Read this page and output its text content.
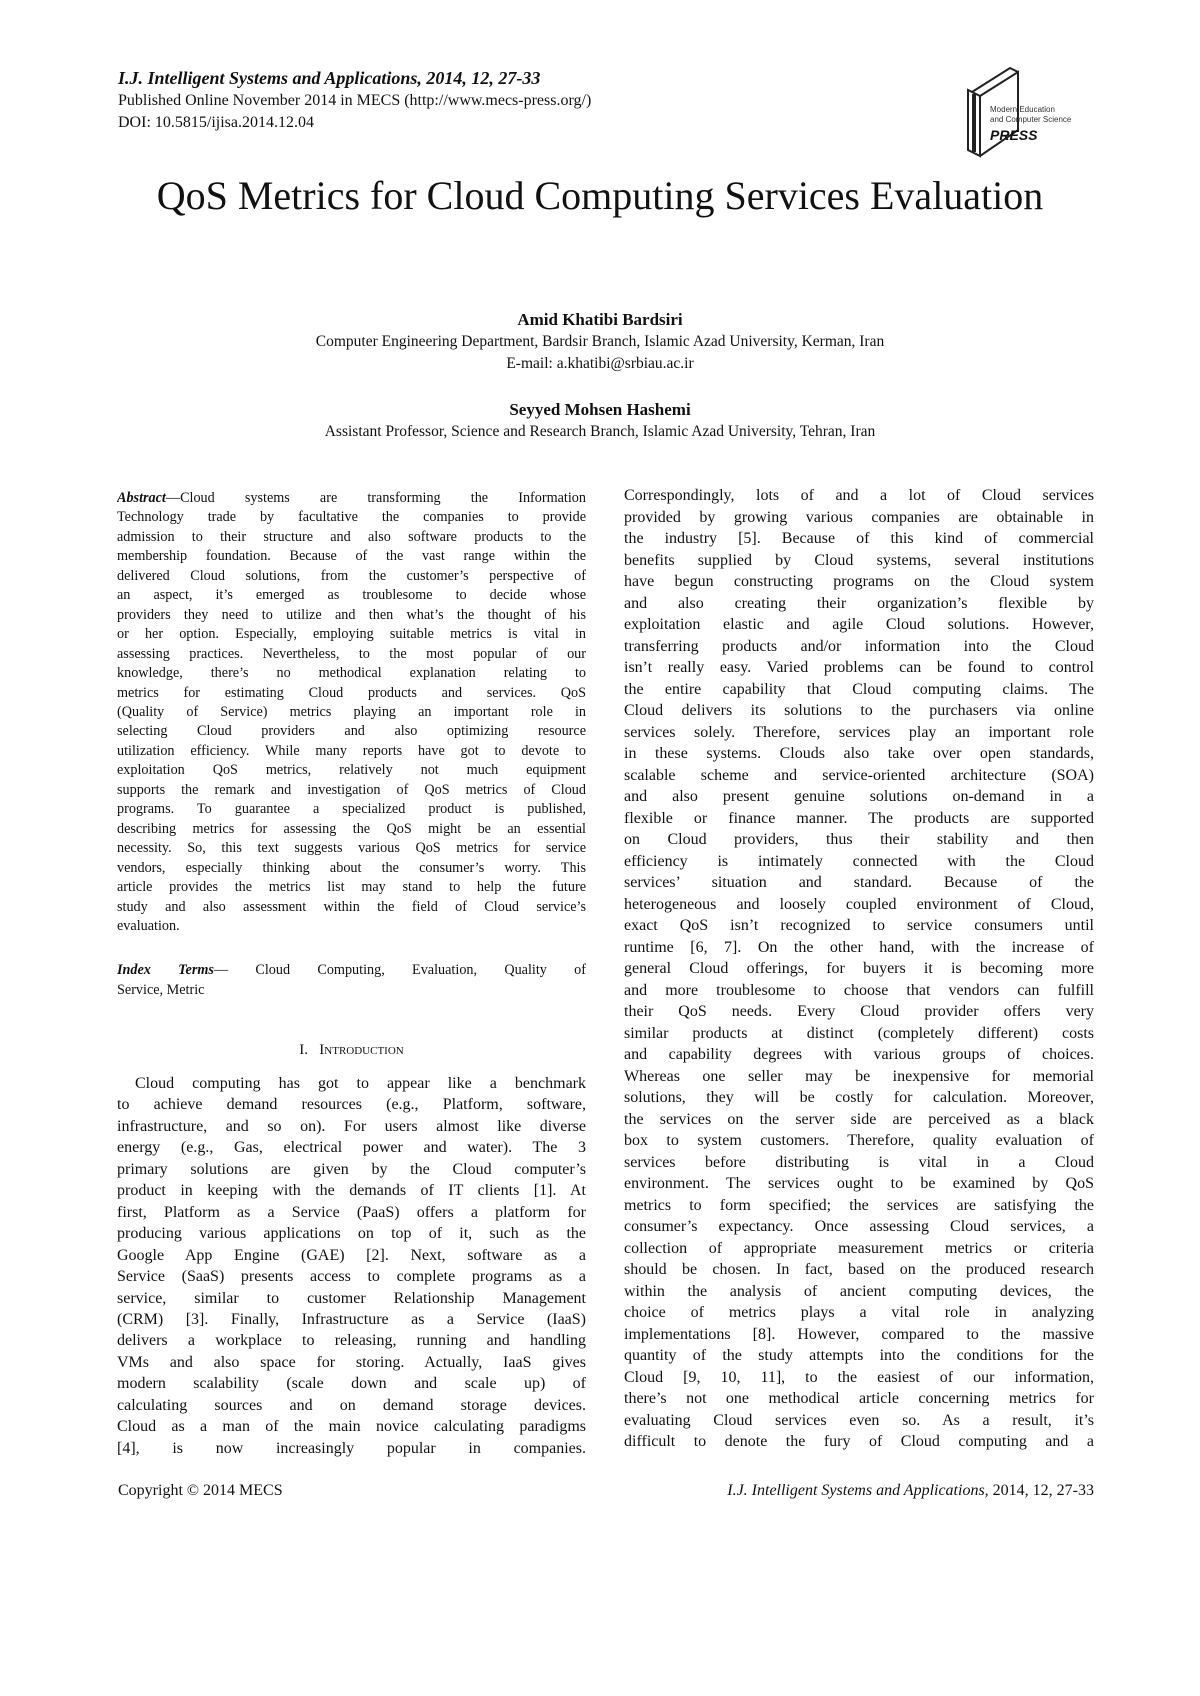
I.J. Intelligent Systems and Applications, 2014, 12, 27-33
Published Online November 2014 in MECS (http://www.mecs-press.org/)
DOI: 10.5815/ijisa.2014.12.04
Modern Education
and Computer Science
PRESS
QoS Metrics for Cloud Computing Services Evaluation
Amid Khatibi Bardsiri
Computer Engineering Department, Bardsir Branch, Islamic Azad University, Kerman, Iran
E-mail: a.khatibi@srbiau.ac.ir
Seyyed Mohsen Hashemi
Assistant Professor, Science and Research Branch, Islamic Azad University, Tehran, Iran
Abstract—Cloud systems are transforming the Information
Technology trade by facultative the companies to provide
admission to their structure and also software products to the
membership foundation. Because of the vast range within the
delivered Cloud solutions, from the customer’s perspective of
an aspect, it’s emerged as troublesome to decide whose
providers they need to utilize and then what’s the thought of his
or her option. Especially, employing suitable metrics is vital in
assessing practices. Nevertheless, to the most popular of our
knowledge, there’s no methodical explanation relating to
metrics for estimating Cloud products and services. QoS
(Quality of Service) metrics playing an important role in
selecting Cloud providers and also optimizing resource
utilization efficiency. While many reports have got to devote to
exploitation QoS metrics, relatively not much equipment
supports the remark and investigation of QoS metrics of Cloud
programs. To guarantee a specialized product is published,
describing metrics for assessing the QoS might be an essential
necessity. So, this text suggests various QoS metrics for service
vendors, especially thinking about the consumer’s worry. This
article provides the metrics list may stand to help the future
study and also assessment within the field of Cloud service’s
evaluation.
Index Terms— Cloud Computing, Evaluation, Quality of
Service, Metric
I. Introduction
Cloud computing has got to appear like a benchmark
to achieve demand resources (e.g., Platform, software,
infrastructure, and so on). For users almost like diverse
energy (e.g., Gas, electrical power and water). The 3
primary solutions are given by the Cloud computer’s
product in keeping with the demands of IT clients [1]. At
first, Platform as a Service (PaaS) offers a platform for
producing various applications on top of it, such as the
Google App Engine (GAE) [2]. Next, software as a
Service (SaaS) presents access to complete programs as a
service, similar to customer Relationship Management
(CRM) [3]. Finally, Infrastructure as a Service (IaaS)
delivers a workplace to releasing, running and handling
VMs and also space for storing. Actually, IaaS gives
modern scalability (scale down and scale up) of
calculating sources and on demand storage devices.
Cloud as a man of the main novice calculating paradigms
[4], is now increasingly popular in companies.
Correspondingly, lots of and a lot of Cloud services
provided by growing various companies are obtainable in
the industry [5]. Because of this kind of commercial
benefits supplied by Cloud systems, several institutions
have begun constructing programs on the Cloud system
and also creating their organization’s flexible by
exploitation elastic and agile Cloud solutions. However,
transferring products and/or information into the Cloud
isn’t really easy. Varied problems can be found to control
the entire capability that Cloud computing claims. The
Cloud delivers its solutions to the purchasers via online
services solely. Therefore, services play an important role
in these systems. Clouds also take over open standards,
scalable scheme and service-oriented architecture (SOA)
and also present genuine solutions on-demand in a
flexible or finance manner. The products are supported
on Cloud providers, thus their stability and then
efficiency is intimately connected with the Cloud
services’ situation and standard. Because of the
heterogeneous and loosely coupled environment of Cloud,
exact QoS isn’t recognized to service consumers until
runtime [6, 7]. On the other hand, with the increase of
general Cloud offerings, for buyers it is becoming more
and more troublesome to choose that vendors can fulfill
their QoS needs. Every Cloud provider offers very
similar products at distinct (completely different) costs
and capability degrees with various groups of choices.
Whereas one seller may be inexpensive for memorial
solutions, they will be costly for calculation. Moreover,
the services on the server side are perceived as a black
box to system customers. Therefore, quality evaluation of
services before distributing is vital in a Cloud
environment. The services ought to be examined by QoS
metrics to form specified; the services are satisfying the
consumer’s expectancy. Once assessing Cloud services, a
collection of appropriate measurement metrics or criteria
should be chosen. In fact, based on the produced research
within the analysis of ancient computing devices, the
choice of metrics plays a vital role in analyzing
implementations [8]. However, compared to the massive
quantity of the study attempts into the conditions for the
Cloud [9, 10, 11], to the easiest of our information,
there’s not one methodical article concerning metrics for
evaluating Cloud services even so. As a result, it’s
difficult to denote the fury of Cloud computing and a
Copyright © 2014 MECS	I.J. Intelligent Systems and Applications, 2014, 12, 27-33
